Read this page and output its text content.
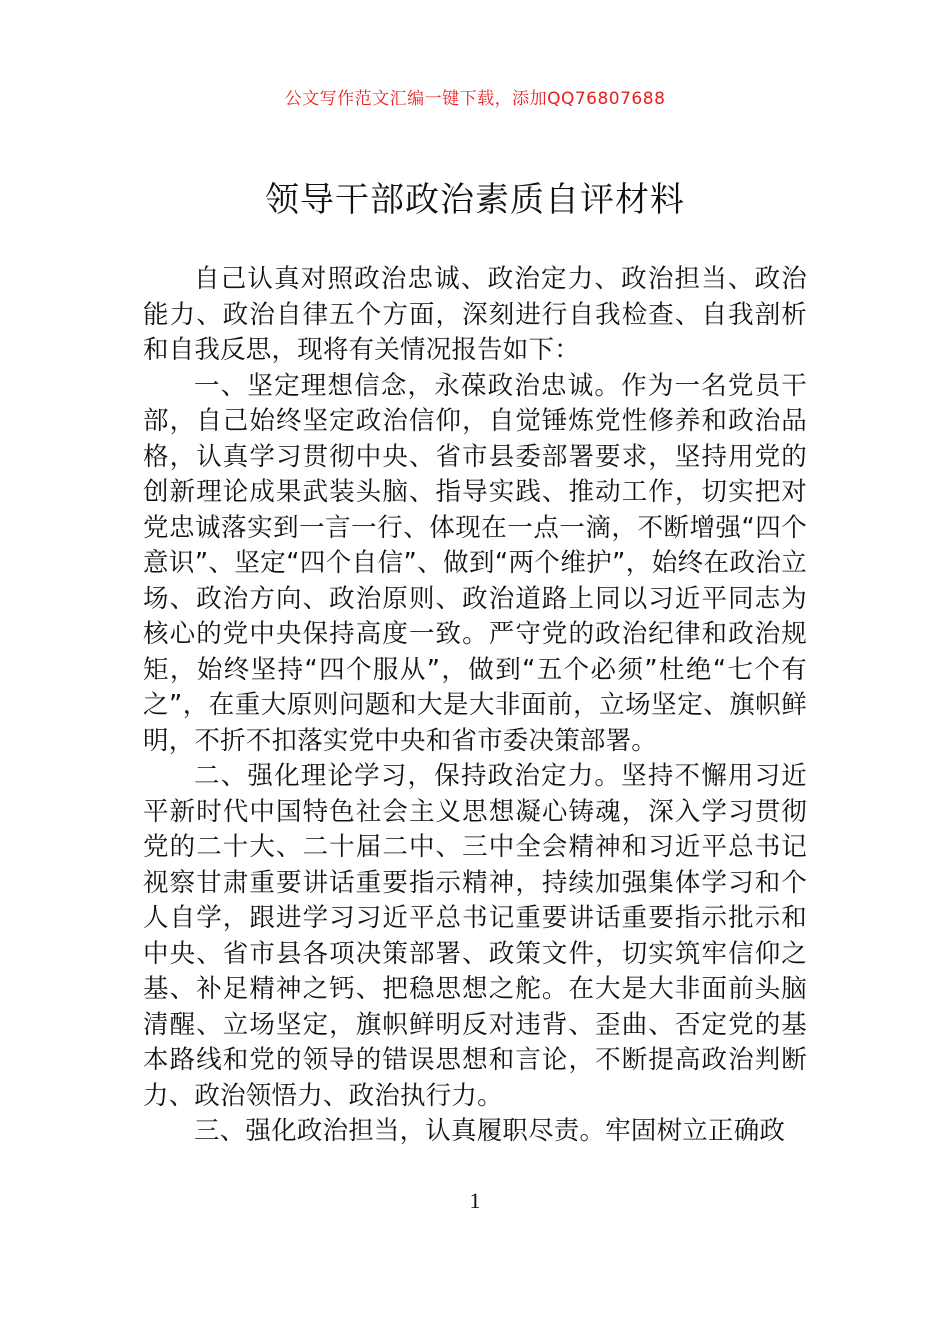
公文写作范文汇编一键下载，添加QQ76807688
领导干部政治素质自评材料

自己认真对照政治忠诚、政治定力、政治担当、政治能力、政治自律五个方面，深刻进行自我检查、自我剖析和自我反思，现将有关情况报告如下：

一、坚定理想信念，永葆政治忠诚。作为一名党员干部，自己始终坚定政治信仰，自觉锤炼党性修养和政治品格，认真学习贯彻中央、省市县委部署要求，坚持用党的创新理论成果武装头脑、指导实践、推动工作，切实把对党忠诚落实到一言一行、体现在一点一滴，不断增强“四个意识”、坚定“四个自信”、做到“两个维护”，始终在政治立场、政治方向、政治原则、政治道路上同以习近平同志为核心的党中央保持高度一致。严守党的政治纪律和政治规矩，始终坚持“四个服从”，做到“五个必须”杜绝“七个有之”，在重大原则问题和大是大非面前，立场坚定、旗帜鲜明，不折不扣落实党中央和省市委决策部署。

二、强化理论学习，保持政治定力。坚持不懈用习近平新时代中国特色社会主义思想凝心铸魂，深入学习贯彻党的二十大、二十届二中、三中全会精神和习近平总书记视察甘肃重要讲话重要指示精神，持续加强集体学习和个人自学，跟进学习习近平总书记重要讲话重要指示批示和中央、省市县各项决策部署、政策文件，切实筑牢信仰之基、补足精神之钙、把稳思想之舵。在大是大非面前头脑清醒、立场坚定，旗帜鲜明反对违背、歪曲、否定党的基本路线和党的领导的错误思想和言论，不断提高政治判断力、政治领悟力、政治执行力。

三、强化政治担当，认真履职尽责。牢固树立正确政

1
